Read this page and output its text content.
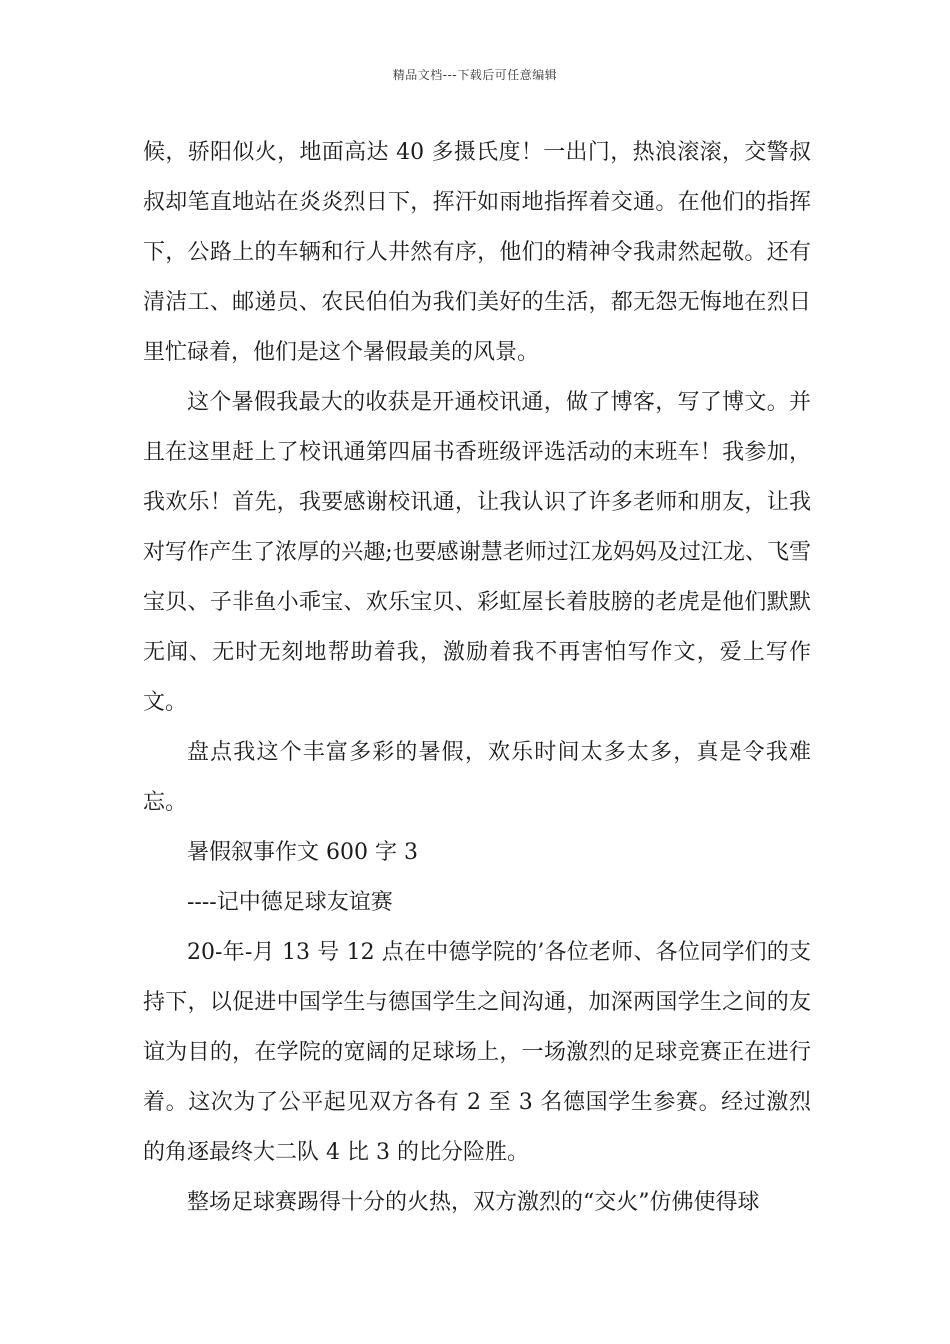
精品文档---下载后可任意编辑

候，骄阳似火，地面高达 40 多摄氏度！一出门，热浪滚滚，交警叔叔却笔直地站在炎炎烈日下，挥汗如雨地指挥着交通。在他们的指挥下，公路上的车辆和行人井然有序，他们的精神令我肃然起敬。还有清洁工、邮递员、农民伯伯为我们美好的生活，都无怨无悔地在烈日里忙碌着，他们是这个暑假最美的风景。

这个暑假我最大的收获是开通校讯通，做了博客，写了博文。并且在这里赶上了校讯通第四届书香班级评选活动的末班车！我参加，我欢乐！首先，我要感谢校讯通，让我认识了许多老师和朋友，让我对写作产生了浓厚的兴趣;也要感谢慧老师过江龙妈妈及过江龙、飞雪宝贝、子非鱼小乖宝、欢乐宝贝、彩虹屋长着肢膀的老虎是他们默默无闻、无时无刻地帮助着我，激励着我不再害怕写作文，爱上写作文。

盘点我这个丰富多彩的暑假，欢乐时间太多太多，真是令我难忘。

暑假叙事作文 600 字 3

----记中德足球友谊赛

20-年-月 13 号 12 点在中德学院的’各位老师、各位同学们的支持下，以促进中国学生与德国学生之间沟通，加深两国学生之间的友谊为目的，在学院的宽阔的足球场上，一场激烈的足球竞赛正在进行着。这次为了公平起见双方各有 2 至 3 名德国学生参赛。经过激烈的角逐最终大二队 4 比 3 的比分险胜。

整场足球赛踢得十分的火热，双方激烈的“交火”仿佛使得球
